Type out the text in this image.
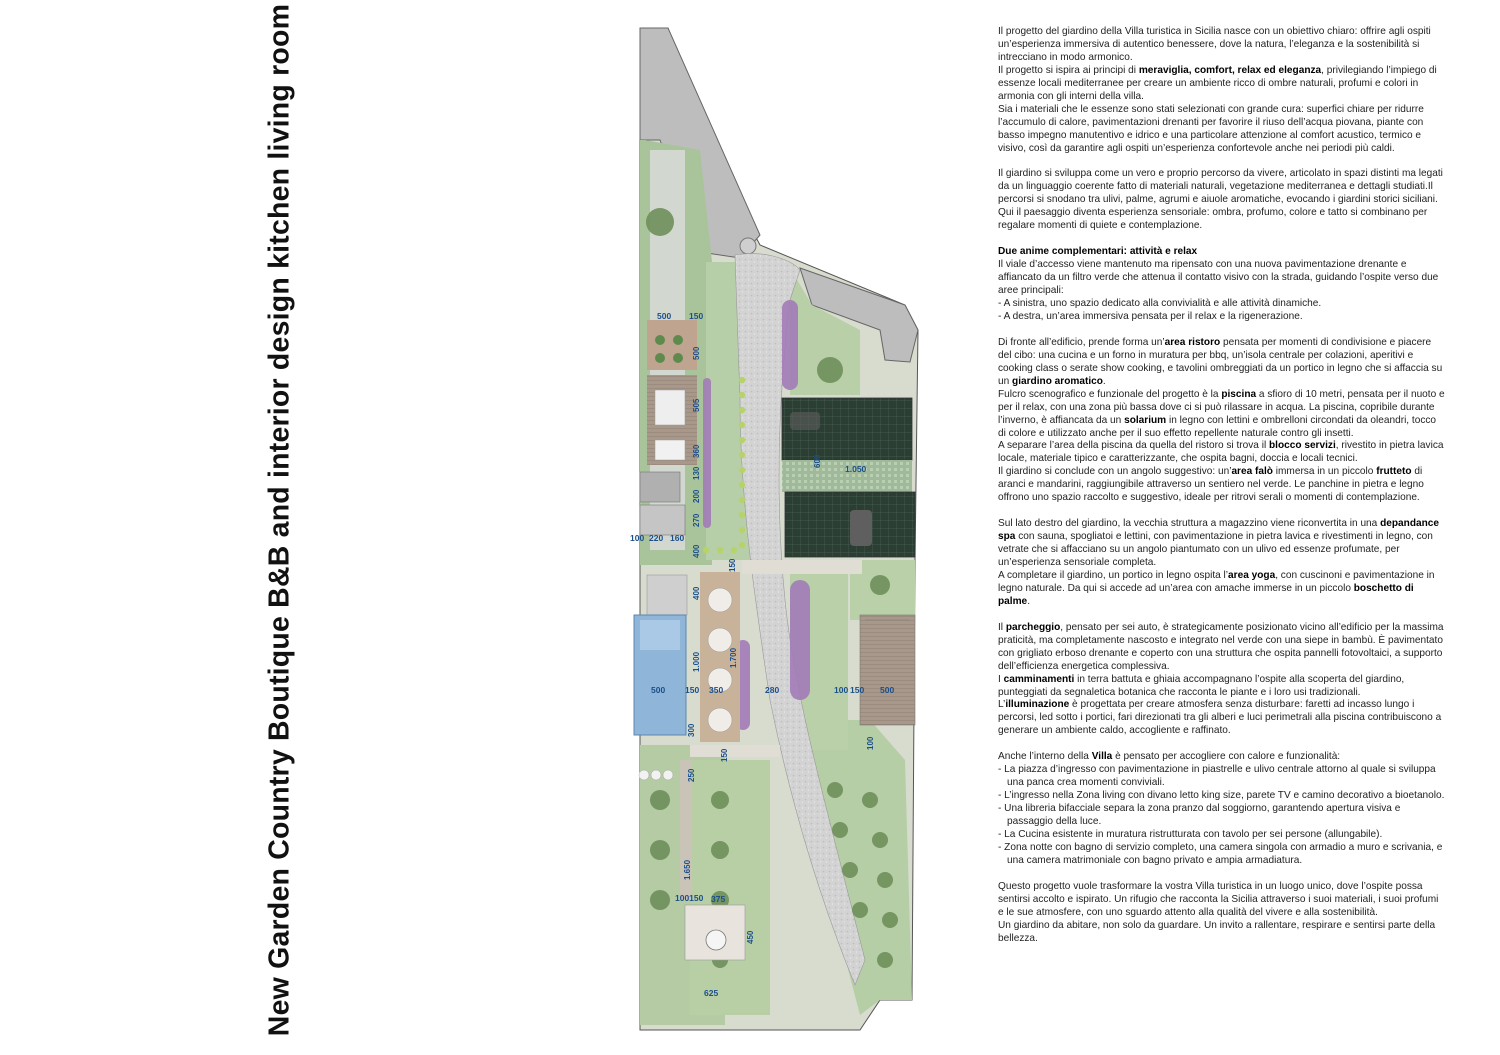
New Garden Country Boutique B&B and interior design kitchen living room	500 150
500
505
360
130
200
270
100 220 160
400
150
600
1.050
400
1.000	1.700
500 150 350	280	100 150 500
300
100
250
150
1.650
100150 375
450
625

Il progetto del giardino della Villa turistica in Sicilia nasce con un obiettivo chiaro: offrire agli ospiti un’esperienza immersiva di autentico benessere, dove la natura, l’eleganza e la sostenibilità si intrecciano in modo armonico.

Il progetto si ispira ai principi di meraviglia, comfort, relax ed eleganza, privilegiando l’impiego di essenze locali mediterranee per creare un ambiente ricco di ombre naturali, profumi e colori in armonia con gli interni della villa.

Sia i materiali che le essenze sono stati selezionati con grande cura: superfici chiare per ridurre l’accumulo di calore, pavimentazioni drenanti per favorire il riuso dell’acqua piovana, piante con basso impegno manutentivo e idrico e una particolare attenzione al comfort acustico, termico e visivo, così da garantire agli ospiti un’esperienza confortevole anche nei periodi più caldi.

Il giardino si sviluppa come un vero e proprio percorso da vivere, articolato in spazi distinti ma legati da un linguaggio coerente fatto di materiali naturali, vegetazione mediterranea e dettagli studiati.Il percorsi si snodano tra ulivi, palme, agrumi e aiuole aromatiche, evocando i giardini storici siciliani. Qui il paesaggio diventa esperienza sensoriale: ombra, profumo, colore e tatto si combinano per regalare momenti di quiete e contemplazione.

Due anime complementari: attività e relax

Il viale d’accesso viene mantenuto ma ripensato con una nuova pavimentazione drenante e affiancato da un filtro verde che attenua il contatto visivo con la strada, guidando l’ospite verso due aree principali:

- A sinistra, uno spazio dedicato alla convivialità e alle attività dinamiche.

- A destra, un’area immersiva pensata per il relax e la rigenerazione.

Di fronte all’edificio, prende forma un’area ristoro pensata per momenti di condivisione e piacere del cibo: una cucina e un forno in muratura per bbq, un’isola centrale per colazioni, aperitivi e cooking class o serate show cooking, e tavolini ombreggiati da un portico in legno che si affaccia su un giardino aromatico.

Fulcro scenografico e funzionale del progetto è la piscina a sfioro di 10 metri, pensata per il nuoto e per il relax, con una zona più bassa dove ci si può rilassare in acqua. La piscina, copribile durante l’inverno, è affiancata da un solarium in legno con lettini e ombrelloni circondati da oleandri, tocco di colore e utilizzato anche per il suo effetto repellente naturale contro gli insetti.

A separare l’area della piscina da quella del ristoro si trova il blocco servizi, rivestito in pietra lavica locale, materiale tipico e caratterizzante, che ospita bagni, doccia e locali tecnici.

Il giardino si conclude con un angolo suggestivo: un’area falò immersa in un piccolo frutteto di aranci e mandarini, raggiungibile attraverso un sentiero nel verde. Le panchine in pietra e legno offrono uno spazio raccolto e suggestivo, ideale per ritrovi serali o momenti di contemplazione.

Sul lato destro del giardino, la vecchia struttura a magazzino viene riconvertita in una depandance spa con sauna, spogliatoi e lettini, con pavimentazione in pietra lavica e rivestimenti in legno, con vetrate che si affacciano su un angolo piantumato con un ulivo ed essenze profumate, per un’esperienza sensoriale completa.

A completare il giardino, un portico in legno ospita l’area yoga, con cuscinoni e pavimentazione in legno naturale. Da qui si accede ad un’area con amache immerse in un piccolo boschetto di palme.

Il parcheggio, pensato per sei auto, è strategicamente posizionato vicino all’edificio per la massima praticità, ma completamente nascosto e integrato nel verde con una siepe in bambù. È pavimentato con grigliato erboso drenante e coperto con una struttura che ospita pannelli fotovoltaici, a supporto dell’efficienza energetica complessiva.

I camminamenti in terra battuta e ghiaia accompagnano l’ospite alla scoperta del giardino, punteggiati da segnaletica botanica che racconta le piante e i loro usi tradizionali.

L’illuminazione è progettata per creare atmosfera senza disturbare: faretti ad incasso lungo i percorsi, led sotto i portici, fari direzionati tra gli alberi e luci perimetrali alla piscina contribuiscono a generare un ambiente caldo, accogliente e raffinato.

Anche l’interno della Villa è pensato per accogliere con calore e funzionalità:

- La piazza d’ingresso con pavimentazione in piastrelle e ulivo centrale attorno al quale si sviluppa una panca crea momenti conviviali.

- L’ingresso nella Zona living con divano letto king size, parete TV e camino decorativo a bioetanolo.

- Una libreria bifacciale separa la zona pranzo dal soggiorno, garantendo apertura visiva e passaggio della luce.

- La Cucina esistente in muratura ristrutturata con tavolo per sei persone (allungabile).

- Zona notte con bagno di servizio completo, una camera singola con armadio a muro e scrivania, e una camera matrimoniale con bagno privato e ampia armadiatura.

Questo progetto vuole trasformare la vostra Villa turistica in un luogo unico, dove l’ospite possa sentirsi accolto e ispirato. Un rifugio che racconta la Sicilia attraverso i suoi materiali, i suoi profumi e le sue atmosfere, con uno sguardo attento alla qualità del vivere e alla sostenibilità.

Un giardino da abitare, non solo da guardare. Un invito a rallentare, respirare e sentirsi parte della bellezza.
